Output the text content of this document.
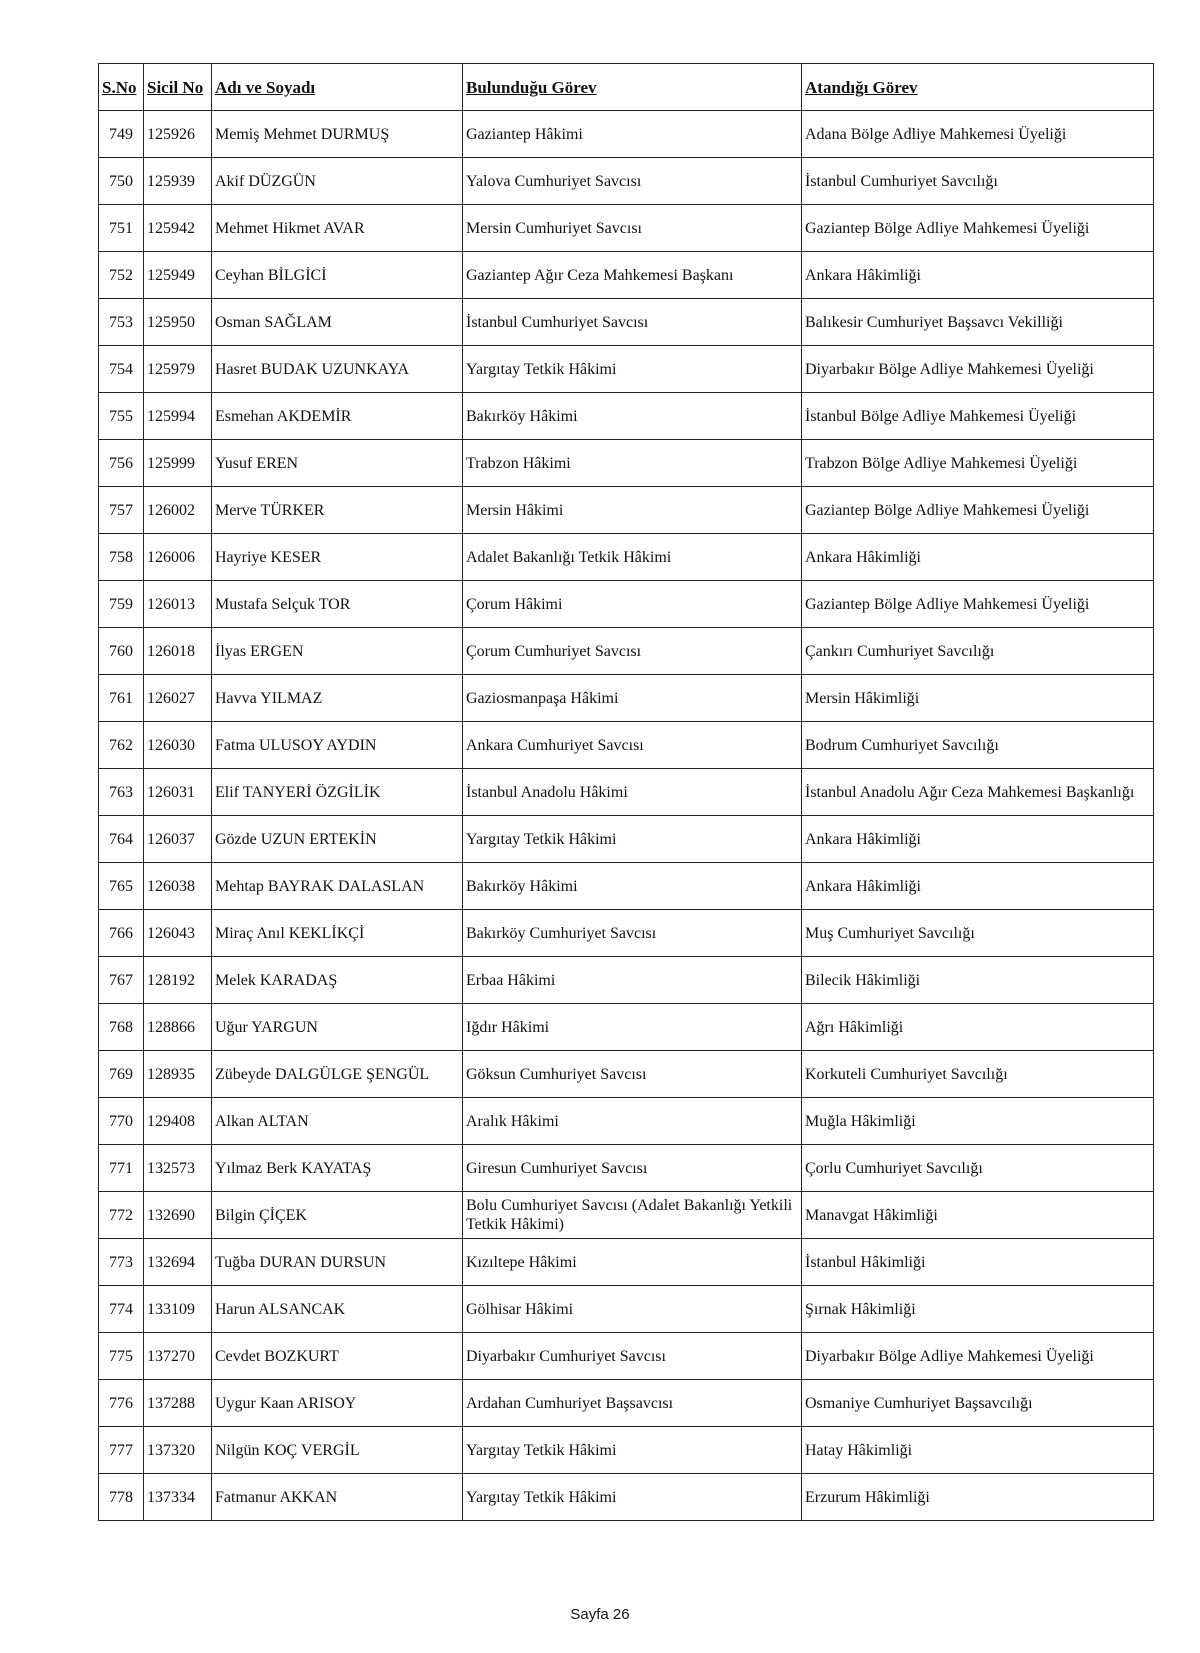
S.No	Sicil No	Adı ve Soyadı	Bulunduğu Görev	Atandığı Görev
749	125926	Memiş Mehmet DURMUŞ	Gaziantep Hâkimi	Adana Bölge Adliye Mahkemesi Üyeliği
750	125939	Akif DÜZGÜN	Yalova Cumhuriyet Savcısı	İstanbul Cumhuriyet Savcılığı
751	125942	Mehmet Hikmet AVAR	Mersin Cumhuriyet Savcısı	Gaziantep Bölge Adliye Mahkemesi Üyeliği
752	125949	Ceyhan BİLGİCİ	Gaziantep Ağır Ceza Mahkemesi Başkanı	Ankara Hâkimliği
753	125950	Osman SAĞLAM	İstanbul Cumhuriyet Savcısı	Balıkesir Cumhuriyet Başsavcı Vekilliği
754	125979	Hasret BUDAK UZUNKAYA	Yargıtay Tetkik Hâkimi	Diyarbakır Bölge Adliye Mahkemesi Üyeliği
755	125994	Esmehan AKDEMİR	Bakırköy Hâkimi	İstanbul Bölge Adliye Mahkemesi Üyeliği
756	125999	Yusuf EREN	Trabzon Hâkimi	Trabzon Bölge Adliye Mahkemesi Üyeliği
757	126002	Merve TÜRKER	Mersin Hâkimi	Gaziantep Bölge Adliye Mahkemesi Üyeliği
758	126006	Hayriye KESER	Adalet Bakanlığı Tetkik Hâkimi	Ankara Hâkimliği
759	126013	Mustafa Selçuk TOR	Çorum Hâkimi	Gaziantep Bölge Adliye Mahkemesi Üyeliği
760	126018	İlyas ERGEN	Çorum Cumhuriyet Savcısı	Çankırı Cumhuriyet Savcılığı
761	126027	Havva YILMAZ	Gaziosmanpaşa Hâkimi	Mersin Hâkimliği
762	126030	Fatma ULUSOY AYDIN	Ankara Cumhuriyet Savcısı	Bodrum Cumhuriyet Savcılığı
763	126031	Elif TANYERİ ÖZGİLİK	İstanbul Anadolu Hâkimi	İstanbul Anadolu Ağır Ceza Mahkemesi Başkanlığı
764	126037	Gözde UZUN ERTEKİN	Yargıtay Tetkik Hâkimi	Ankara Hâkimliği
765	126038	Mehtap BAYRAK DALASLAN	Bakırköy Hâkimi	Ankara Hâkimliği
766	126043	Miraç Anıl KEKLİKÇİ	Bakırköy Cumhuriyet Savcısı	Muş Cumhuriyet Savcılığı
767	128192	Melek KARADAŞ	Erbaa Hâkimi	Bilecik Hâkimliği
768	128866	Uğur YARGUN	Iğdır Hâkimi	Ağrı Hâkimliği
769	128935	Zübeyde DALGÜLGE ŞENGÜL	Göksun Cumhuriyet Savcısı	Korkuteli Cumhuriyet Savcılığı
770	129408	Alkan ALTAN	Aralık Hâkimi	Muğla Hâkimliği
771	132573	Yılmaz Berk KAYATAŞ	Giresun Cumhuriyet Savcısı	Çorlu Cumhuriyet Savcılığı
772	132690	Bilgin ÇİÇEK	Bolu Cumhuriyet Savcısı (Adalet Bakanlığı Yetkili Tetkik Hâkimi)	Manavgat Hâkimliği
773	132694	Tuğba DURAN DURSUN	Kızıltepe Hâkimi	İstanbul Hâkimliği
774	133109	Harun ALSANCAK	Gölhisar Hâkimi	Şırnak Hâkimliği
775	137270	Cevdet BOZKURT	Diyarbakır Cumhuriyet Savcısı	Diyarbakır Bölge Adliye Mahkemesi Üyeliği
776	137288	Uygur Kaan ARISOY	Ardahan Cumhuriyet Başsavcısı	Osmaniye Cumhuriyet Başsavcılığı
777	137320	Nilgün KOÇ VERGİL	Yargıtay Tetkik Hâkimi	Hatay Hâkimliği
778	137334	Fatmanur AKKAN	Yargıtay Tetkik Hâkimi	Erzurum Hâkimliği
Sayfa 26
